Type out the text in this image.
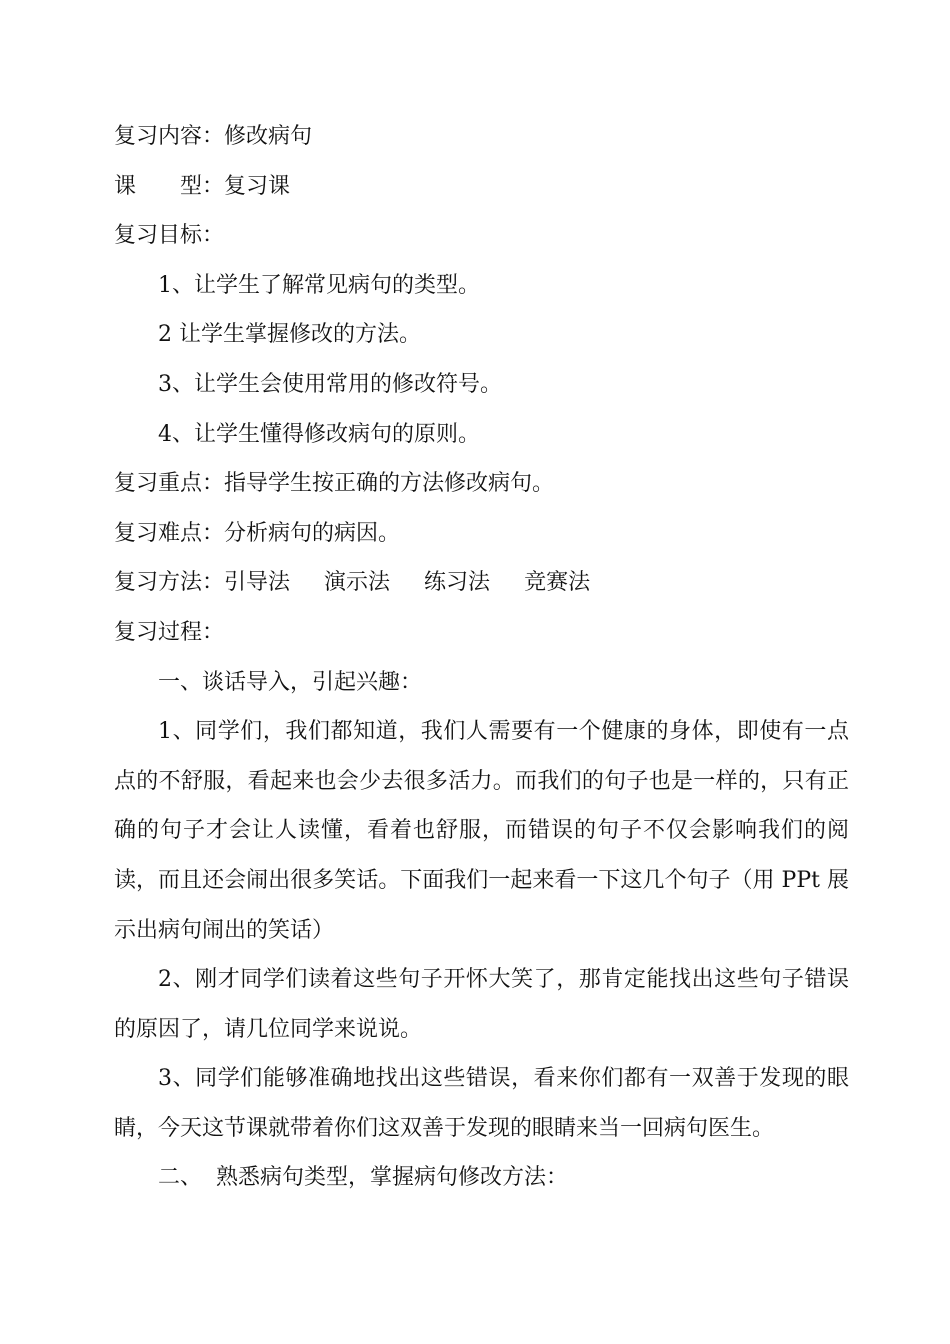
复习内容：修改病句
课 型：复习课
复习目标：
1、让学生了解常见病句的类型。
2 让学生掌握修改的方法。
3、让学生会使用常用的修改符号。
4、让学生懂得修改病句的原则。
复习重点：指导学生按正确的方法修改病句。
复习难点：分析病句的病因。
复习方法：引导法 演示法 练习法 竞赛法
复习过程：
一、谈话导入，引起兴趣：

1、同学们，我们都知道，我们人需要有一个健康的身体，即使有一点点的不舒服，看起来也会少去很多活力。而我们的句子也是一样的，只有正确的句子才会让人读懂，看着也舒服，而错误的句子不仅会影响我们的阅读，而且还会闹出很多笑话。下面我们一起来看一下这几个句子（用 PPt 展示出病句闹出的笑话）

2、刚才同学们读着这些句子开怀大笑了，那肯定能找出这些句子错误的原因了，请几位同学来说说。

3、同学们能够准确地找出这些错误，看来你们都有一双善于发现的眼睛，今天这节课就带着你们这双善于发现的眼睛来当一回病句医生。

二、 熟悉病句类型，掌握病句修改方法：
